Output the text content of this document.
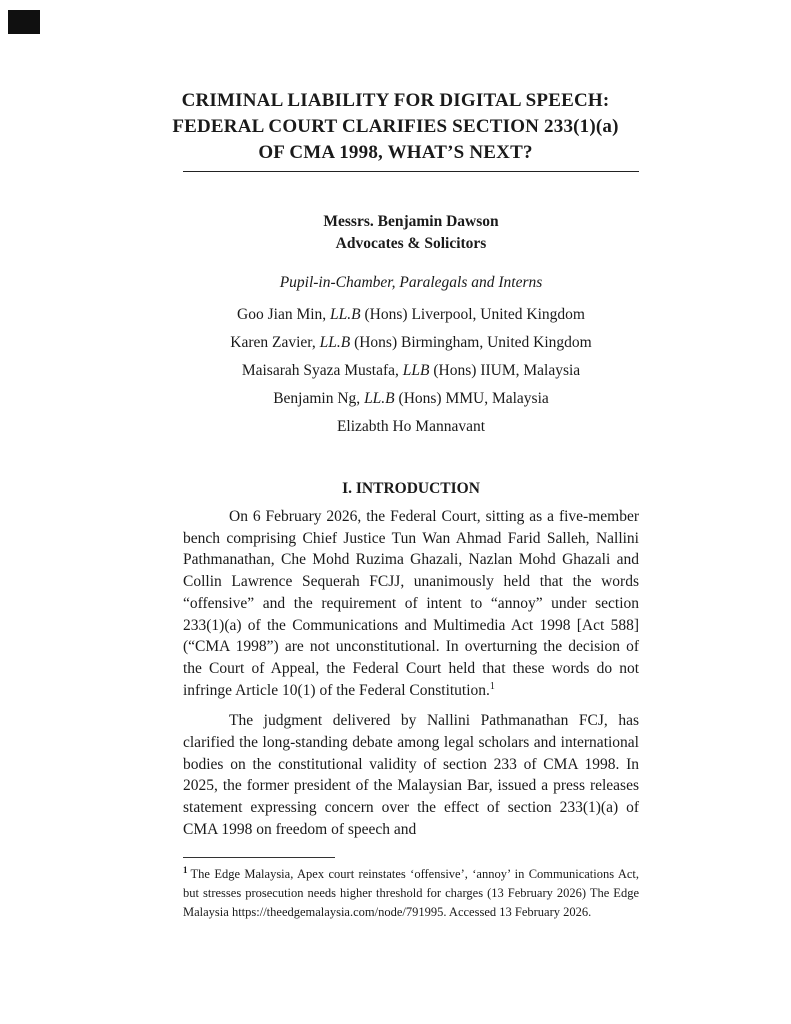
CRIMINAL LIABILITY FOR DIGITAL SPEECH:
FEDERAL COURT CLARIFIES SECTION 233(1)(a)
OF CMA 1998, WHAT’S NEXT?
Messrs. Benjamin Dawson
Advocates & Solicitors
Pupil-in-Chamber, Paralegals and Interns
Goo Jian Min, LL.B (Hons) Liverpool, United Kingdom
Karen Zavier, LL.B (Hons) Birmingham, United Kingdom
Maisarah Syaza Mustafa, LLB (Hons) IIUM, Malaysia
Benjamin Ng, LL.B (Hons) MMU, Malaysia
Elizabth Ho Mannavant
I. INTRODUCTION

On 6 February 2026, the Federal Court, sitting as a five-member bench comprising Chief Justice Tun Wan Ahmad Farid Salleh, Nallini Pathmanathan, Che Mohd Ruzima Ghazali, Nazlan Mohd Ghazali and Collin Lawrence Sequerah FCJJ, unanimously held that the words “offensive” and the requirement of intent to “annoy” under section 233(1)(a) of the Communications and Multimedia Act 1998 [Act 588] (“CMA 1998”) are not unconstitutional. In overturning the decision of the Court of Appeal, the Federal Court held that these words do not infringe Article 10(1) of the Federal Constitution.$^1$

The judgment delivered by Nallini Pathmanathan FCJ, has clarified the long-standing debate among legal scholars and international bodies on the constitutional validity of section 233 of CMA 1998. In 2025, the former president of the Malaysian Bar, issued a press releases statement expressing concern over the effect of section 233(1)(a) of CMA 1998 on freedom of speech and

$^1$ The Edge Malaysia, Apex court reinstates ‘offensive’, ‘annoy’ in Communications Act, but stresses prosecution needs higher threshold for charges (13 February 2026) The Edge Malaysia https://theedgemalaysia.com/node/791995. Accessed 13 February 2026.
